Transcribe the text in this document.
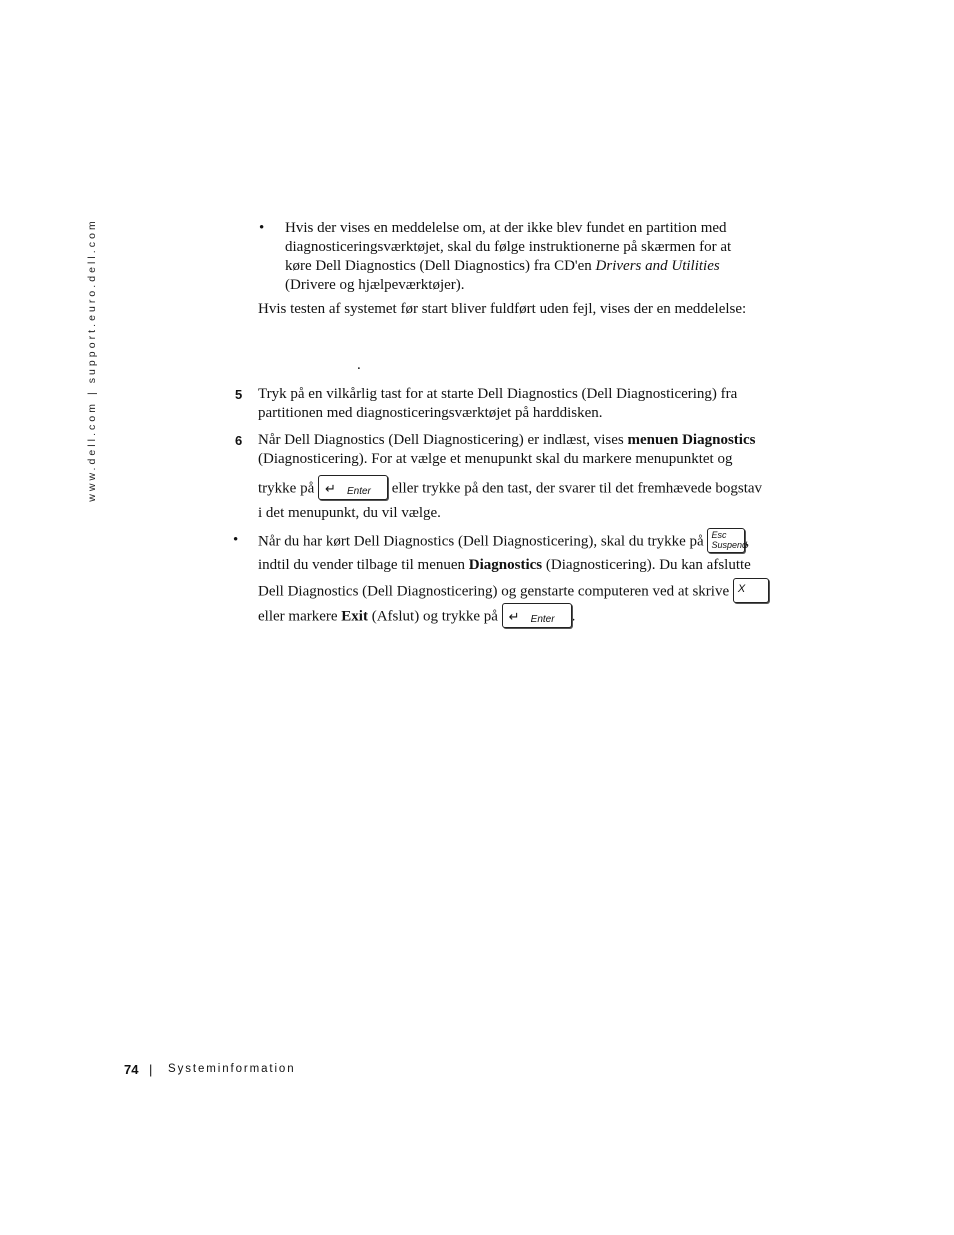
www.dell.com | support.euro.dell.com	• Hvis der vises en meddelelse om, at der ikke blev fundet en partition med
diagnosticeringsværktøjet, skal du følge instruktionerne på skærmen for at
køre Dell Diagnostics (Dell Diagnostics) fra CD'en Drivers and Utilities
(Drivere og hjælpeværktøjer).
Hvis testen af systemet før start bliver fuldført uden fejl, vises der en meddelelse:
.
5 Tryk på en vilkårlig tast for at starte Dell Diagnostics (Dell Diagnosticering) fra
partitionen med diagnosticeringsværktøjet på harddisken.
6 Når Dell Diagnostics (Dell Diagnosticering) er indlæst, vises menuen Diagnostics
(Diagnosticering). For at vælge et menupunkt skal du markere menupunktet og
trykke på ↵ Enter eller trykke på den tast, der svarer til det fremhævede bogstav
i det menupunkt, du vil vælge.
• Når du har kørt Dell Diagnostics (Dell Diagnosticering), skal du trykke på Esc
Suspend
,
indtil du vender tilbage til menuen Diagnostics (Diagnosticering). Du kan afslutte
Dell Diagnostics (Dell Diagnosticering) og genstarte computeren ved at skrive X
eller markere Exit (Afslut) og trykke på ↵ Enter .
74 | Systeminformation
